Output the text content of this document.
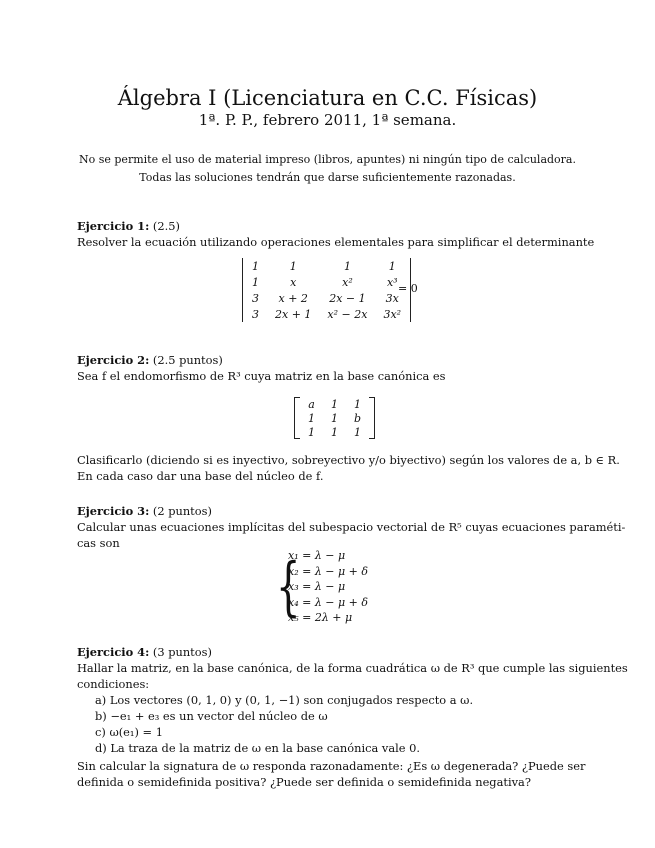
Álgebra I (Licenciatura en C.C. Físicas)
1ª. P. P., febrero 2011, 1ª semana.
No se permite el uso de material impreso (libros, apuntes) ni ningún tipo de calculadora.
Todas las soluciones tendrán que darse suficientemente razonadas.
Ejercicio 1: (2.5)
Resolver la ecuación utilizando operaciones elementales para simplificar el determinante
1	1	1	1
1	x	x²	x³
3	x + 2	2x − 1	3x
3	2x + 1	x² − 2x	3x²
= 0
Ejercicio 2: (2.5 puntos)
Sea f el endomorfismo de R³ cuya matriz en la base canónica es
a	1	1
1	1	b
1	1	1
Clasificarlo (diciendo si es inyectivo, sobreyectivo y/o biyectivo) según los valores de a, b ∈ R.
En cada caso dar una base del núcleo de f.
Ejercicio 3: (2 puntos)
Calcular unas ecuaciones implícitas del subespacio vectorial de R⁵ cuyas ecuaciones paraméti-
cas son
{
x₁ = λ − μ
x₂ = λ − μ + δ
x₃ = λ − μ
x₄ = λ − μ + δ
x₅ = 2λ + μ
Ejercicio 4: (3 puntos)
Hallar la matriz, en la base canónica, de la forma cuadrática ω de R³ que cumple las siguientes
condiciones:
a) Los vectores (0, 1, 0) y (0, 1, −1) son conjugados respecto a ω.
b) −e₁ + e₃ es un vector del núcleo de ω
c) ω(e₁) = 1
d) La traza de la matriz de ω en la base canónica vale 0.
Sin calcular la signatura de ω responda razonadamente: ¿Es ω degenerada? ¿Puede ser
definida o semidefinida positiva? ¿Puede ser definida o semidefinida negativa?
